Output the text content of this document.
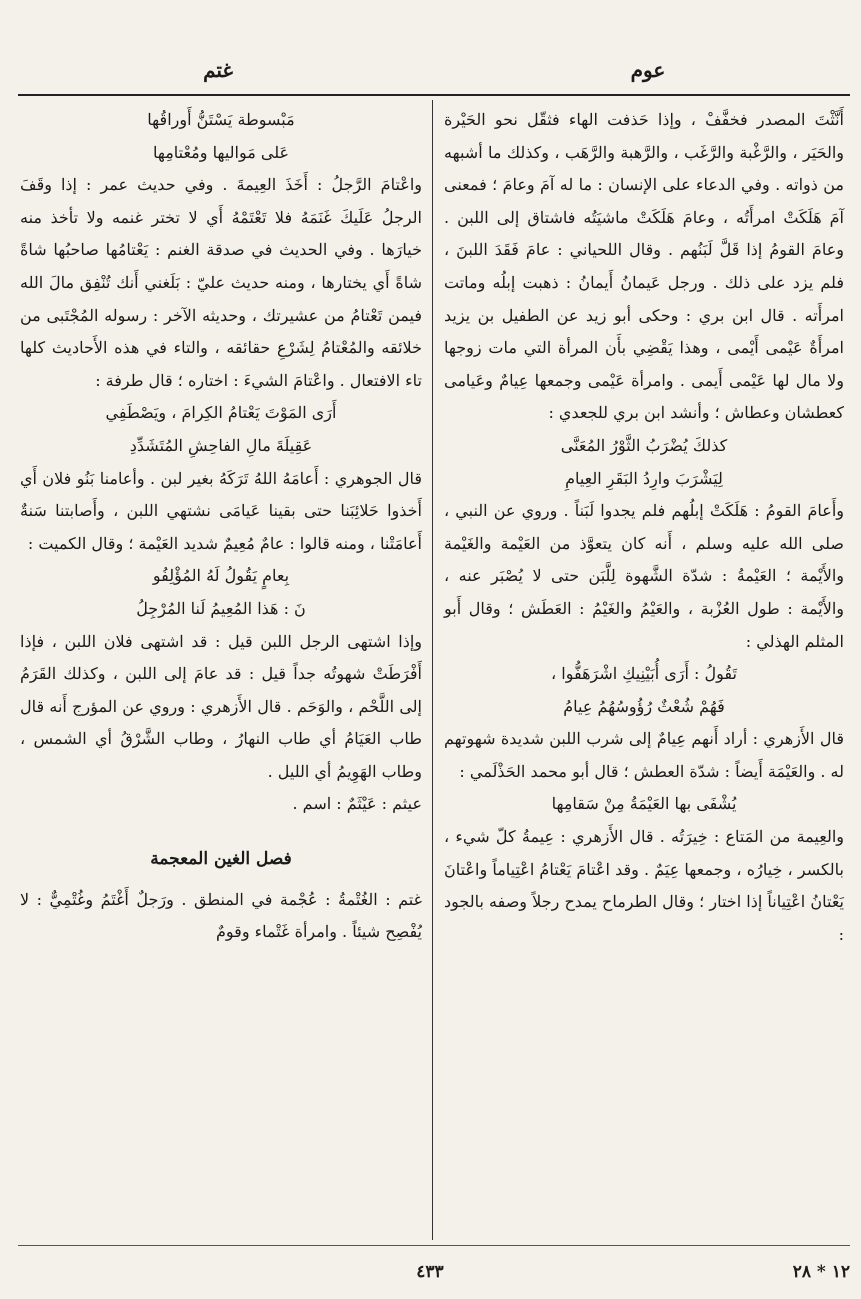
عوم
غتم

أَنَّثْتَ المصدر فخفَّفْ ، وإذا حَذفت الهاء فثقّل نحو الحَيْرة والحَيَر ، والرَّغْبة والرَّغَب ، والرَّهبة والرَّهَب ، وكذلك ما أشبهه من ذواته . وفي الدعاء على الإنسان : ما له آمَ وعامَ ؛ فمعنى آمَ هَلَكَتْ امرأَتُه ، وعامَ هَلَكَتْ ماشيَتُه فاشتاق إلى اللبن . وعامَ القومُ إذا قَلَّ لَبَنُهم . وقال اللحياني : عامَ فَقَدَ اللبنَ ، فلم يزد على ذلك . ورجل عَيمانُ أَيمانُ : ذهبت إبلُه وماتت امرأَته . قال ابن بري : وحكى أبو زيد عن الطفيل بن يزيد امرأَةٌ عَيْمى أَيْمى ، وهذا يَقْضِي بأَن المرأة التي مات زوجها ولا مال لها عَيْمى أَيمى . وامرأة عَيْمى وجمعها عِيامٌ وعَيامى كعطشان وعطاش ؛ وأنشد ابن بري للجعدي :

كذلكَ يُضْرَبُ الثَّوْرُ المُعَنَّى

لِيَشْرَبَ وارِدُ البَقَرِ العِيامِ

وأَعامَ القومُ : هَلَكَتْ إبلُهم فلم يجدوا لَبَناً . وروي عن النبي ، صلى الله عليه وسلم ، أَنه كان يتعوَّذ من العَيْمة والغَيْمة والأَيْمة ؛ العَيْمةُ : شدّة الشَّهوة لِلَّبَن حتى لا يُصْبَر عنه ، والأَيْمة : طول العُزْبة ، والعَيْمُ والغَيْمُ : العَطَش ؛ وقال أَبو المثلم الهذلي :

تَقُولُ : أَرَى أُبَيْنِيكِ اشْرَهَفُّوا ،

فَهُمْ شُعْثٌ رُؤُوسُهُمُ عِيامُ

قال الأَزهري : أراد أَنهم عِيامٌ إلى شرب اللبن شديدة شهوتهم له . والعَيْمَة أَيضاً : شدّة العطش ؛ قال أبو محمد الحَذْلَمي :

يُشْفَى بها العَيْمَةُ مِنْ سَقامِها

والعِيمة من المَتاع : خِيرَتُه . قال الأَزهري : عِيمةُ كلّ شيء ، بالكسر ، خِيارُه ، وجمعها عِيَمٌ . وقد اعْتامَ يَعْتامُ اعْتِياماً واعْتانَ يَعْتانُ اعْتِياناً إذا اختار ؛ وقال الطرماح يمدح رجلاً وصفه بالجود :

مَبْسوطة يَسْتَنُّ أَوراقُها

عَلى مَواليها ومُعْتامِها

واعْتامَ الرَّجلُ : أَخَذَ العِيمةَ . وفي حديث عمر : إذا وقَفَ الرجلُ عَلَيكَ غَنَمَهُ فلا تَعْتَمْهُ أَي لا تختر غنمه ولا تأخذ منه خيارَها . وفي الحديث في صدقة الغنم : يَعْتامُها صاحبُها شاةً شاةً أَي يختارها ، ومنه حديث عليّ : بَلَغني أَنك تُنْفِق مالَ الله فيمن تَعْتامُ من عشيرتك ، وحديثه الآخر : رسوله المُجْتَبى من خلائقه والمُعْتامُ لِشَرْعِ حقائقه ، والتاء في هذه الأَحاديث كلها تاء الافتعال . واعْتامَ الشيءَ : اختاره ؛ قال طرفة :

أَرَى المَوْتَ يَعْتامُ الكِرامَ ، ويَصْطَفِي

عَقِيلَةَ مالِ الفاحِشِ المُتَشَدِّدِ

قال الجوهري : أَعامَهُ اللهُ تَرَكَهُ بغير لبن . وأعامنا بَنُو فلان أَي أَخذوا حَلائِبَنا حتى بقينا عَيامَى نشتهي اللبن ، وأَصابتنا سَنةٌ أَعامَتْنا ، ومنه قالوا : عامٌ مُعِيمٌ شديد العَيْمة ؛ وقال الكميت :

بِعامٍ يَقُولُ لَهُ المُؤْلِفُو

نَ : هَذا المُعِيمُ لَنا المُرْجِلُ

وإذا اشتهى الرجل اللبن قيل : قد اشتهى فلان اللبن ، فإذا أَفْرَطَتْ شهوتُه جداً قيل : قد عامَ إلى اللبن ، وكذلك القَرَمُ إلى اللَّحْم ، والوَحَم . قال الأَزهري : وروي عن المؤرج أَنه قال طاب العَيَامُ أي طاب النهارُ ، وطاب الشَّرْقُ أي الشمس ، وطاب الهَوِيمُ أي الليل .

عيثم : عَيْثَمٌ : اسم .

فصل الغين المعجمة

غتم : الغُتْمةُ : عُجْمة في المنطق . ورَجلٌ أَغْتَمُ وغُتْمِيٌّ : لا يُفْصِح شيئاً . وامرأة غَتْماء وقومٌ

٤٣٣	١٢ * ٢٨
